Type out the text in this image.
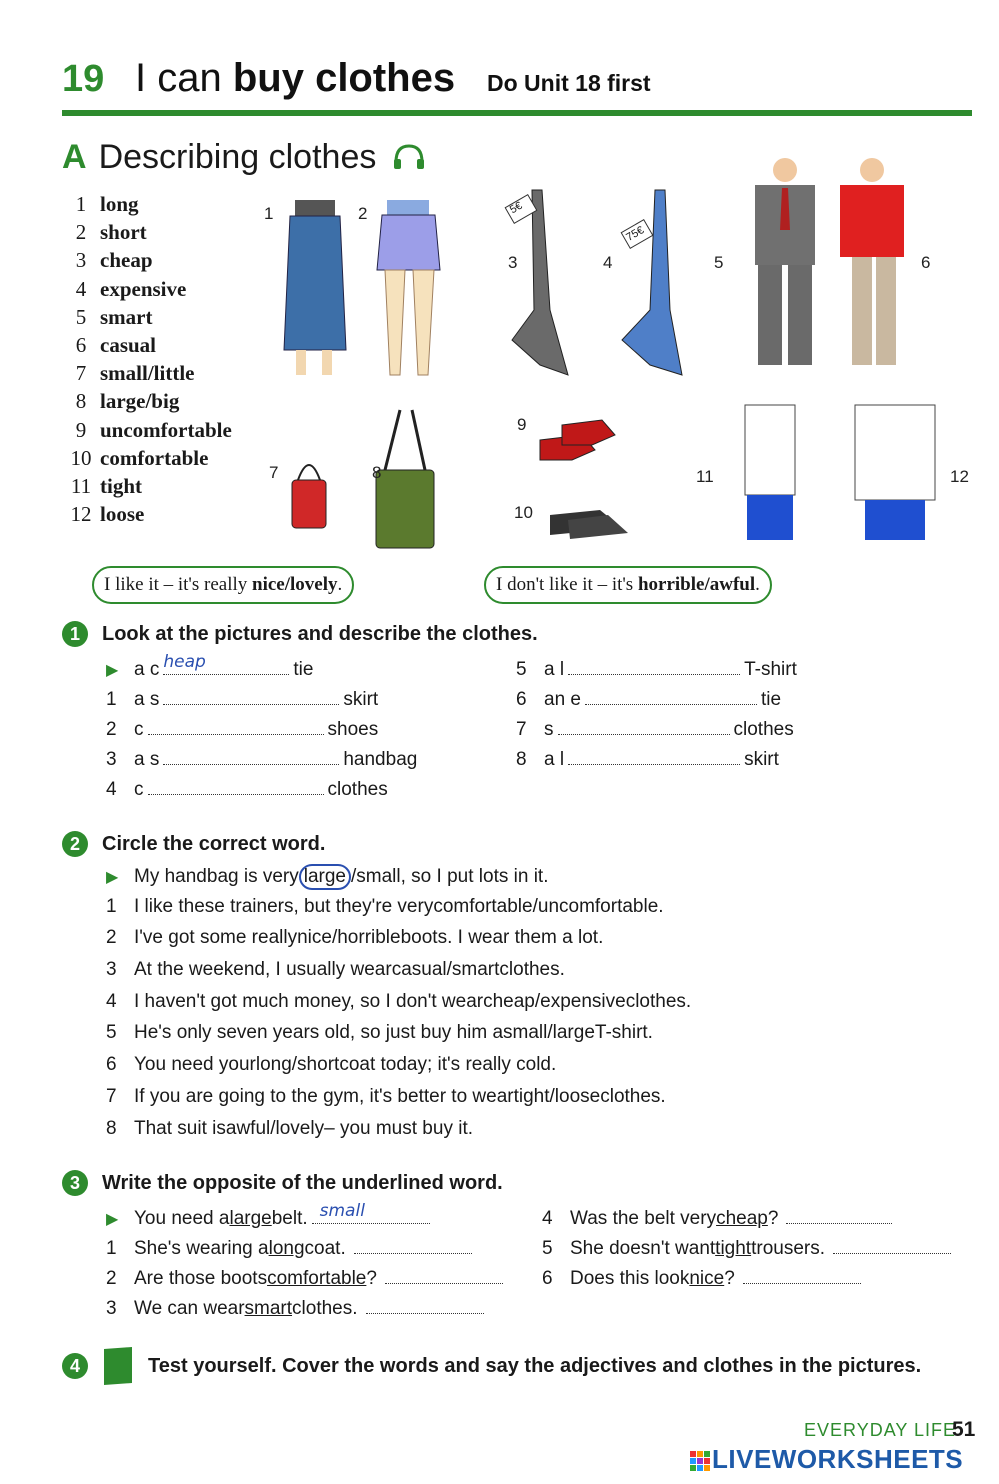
19 I can buy clothes Do Unit 18 first
A Describing clothes
1 long
2 short
3 cheap
4 expensive
5 smart
6 casual
7 small/little
8 large/big
9 uncomfortable
10 comfortable
11 tight
12 loose
1	2
3	4	5	6
7	8
9
10
11	12
5€
75€
I like it – it's really nice/lovely.	I don't like it – it's horrible/awful.
1	Look at the pictures and describe the clothes.
▶ a c heap	tie
1 a s	skirt
2 c	shoes
3 a s	handbag
4 c	clothes
5 a l	T-shirt
6 an e	tie
7 s	clothes
8 a l	skirt
2	Circle the correct word.
▶ My handbag is very large / small , so I put lots in it.
1 I like these trainers, but they're very comfortable/uncomfortable .
2 I've got some really nice/horrible boots. I wear them a lot.
3 At the weekend, I usually wear casual/smart clothes.
4 I haven't got much money, so I don't wear cheap/expensive clothes.
5 He's only seven years old, so just buy him a small/large T-shirt.
6 You need your long/short coat today; it's really cold.
7 If you are going to the gym, it's better to wear tight/loose clothes.
8 That suit is awful/lovely – you must buy it.
3	Write the opposite of the underlined word.
▶ You need a large belt. small
1 She's wearing a long coat.
2 Are those boots comfortable ?
3 We can wear smart clothes.
4 Was the belt very cheap ?
5 She doesn't want tight trousers.
6 Does this look nice ?
4	Test yourself. Cover the words and say the adjectives and clothes in the pictures.
EVERYDAY LIFE
51
LIVEWORKSHEETS
